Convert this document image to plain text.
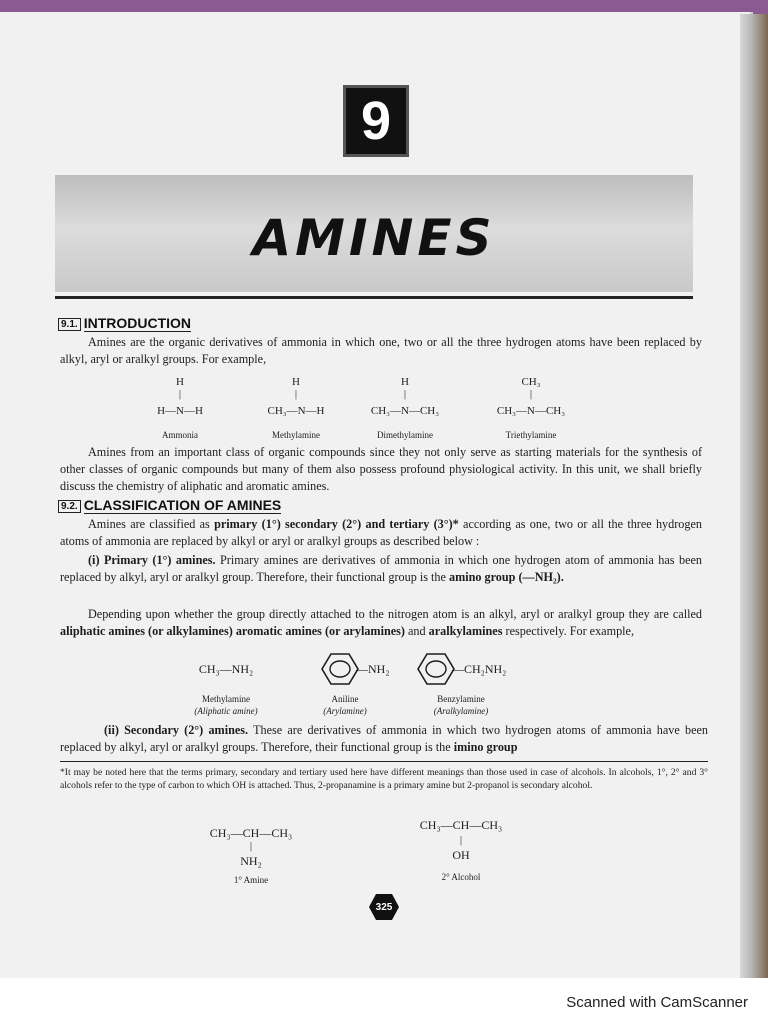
9
AMINES
9.1. INTRODUCTION
Amines are the organic derivatives of ammonia in which one, two or all the three hydrogen atoms have been replaced by alkyl, aryl or aralkyl groups. For example,
H
|
H—N—H
Ammonia
H
|
CH₃—N—H
Methylamine
H
|
CH₃—N—CH₃
Dimethylamine
CH₃
|
CH₃—N—CH₃
Triethylamine
Amines from an important class of organic compounds since they not only serve as starting materials for the synthesis of other classes of organic compounds but many of them also possess profound physiological activity. In this unit, we shall briefly discuss the chemistry of aliphatic and aromatic amines.
9.2. CLASSIFICATION OF AMINES
Amines are classified as primary (1°) secondary (2°) and tertiary (3°)* according as one, two or all the three hydrogen atoms of ammonia are replaced by alkyl or aryl or aralkyl groups as described below :
(i) Primary (1°) amines. Primary amines are derivatives of ammonia in which one hydrogen atom of ammonia has been replaced by alkyl, aryl or aralkyl group. Therefore, their functional group is the amino group (—NH₂).
Depending upon whether the group directly attached to the nitrogen atom is an alkyl, aryl or aralkyl group they are called aliphatic amines (or alkylamines) aromatic amines (or arylamines) and aralkylamines respectively. For example,
CH₃—NH₂
Methylamine
(Aliphatic amine)
—NH₂
Aniline
(Arylamine)
—CH₂NH₂
Benzylamine
(Aralkylamine)
(ii) Secondary (2°) amines. These are derivatives of ammonia in which two hydrogen atoms of ammonia have been replaced by alkyl, aryl or aralkyl groups. Therefore, their functional group is the imino group
*It may be noted here that the terms primary, secondary and tertiary used here have different meanings than those used in case of alcohols. In alcohols, 1°, 2° and 3° alcohols refer to the type of carbon to which OH is attached. Thus, 2-propanamine is a primary amine but 2-propanol is secondary alcohol.
CH₃—CH—CH₃
|
NH₂
1° Amine
CH₃—CH—CH₃
|
OH
2° Alcohol
325
Scanned with CamScanner
